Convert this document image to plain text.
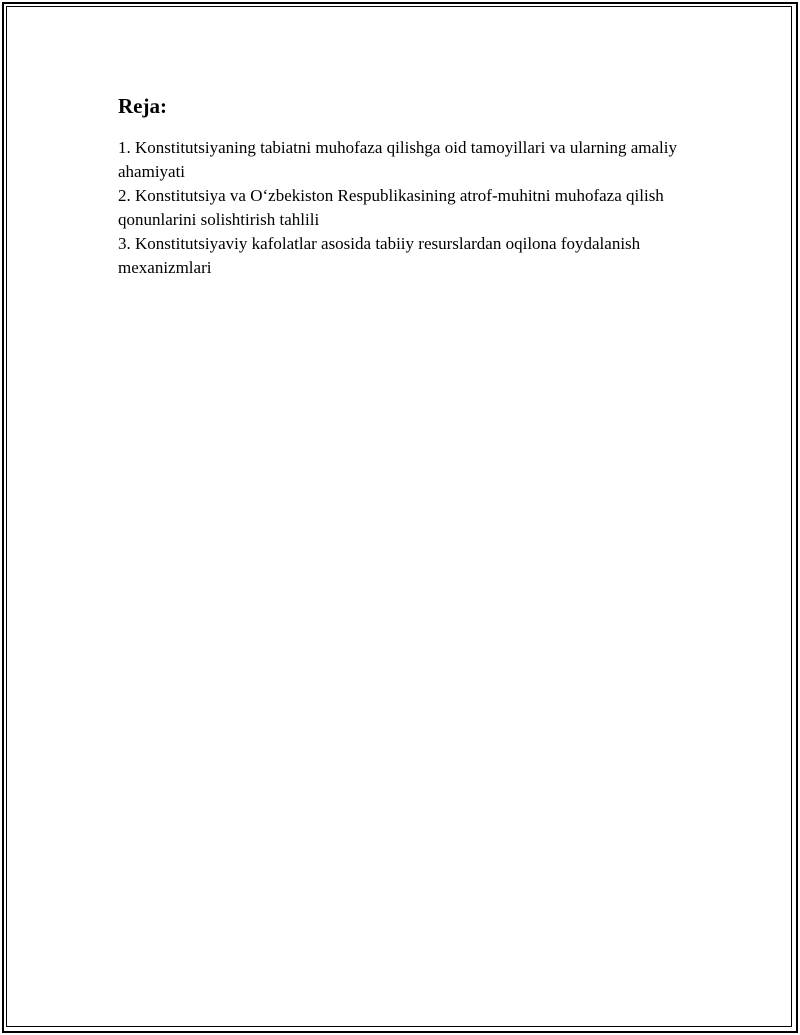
Reja:
1. Konstitutsiyaning tabiatni muhofaza qilishga oid tamoyillari va ularning amaliy ahamiyati
2. Konstitutsiya va O‘zbekiston Respublikasining atrof-muhitni muhofaza qilish qonunlarini solishtirish tahlili
3. Konstitutsiyaviy kafolatlar asosida tabiiy resurslardan oqilona foydalanish mexanizmlari
